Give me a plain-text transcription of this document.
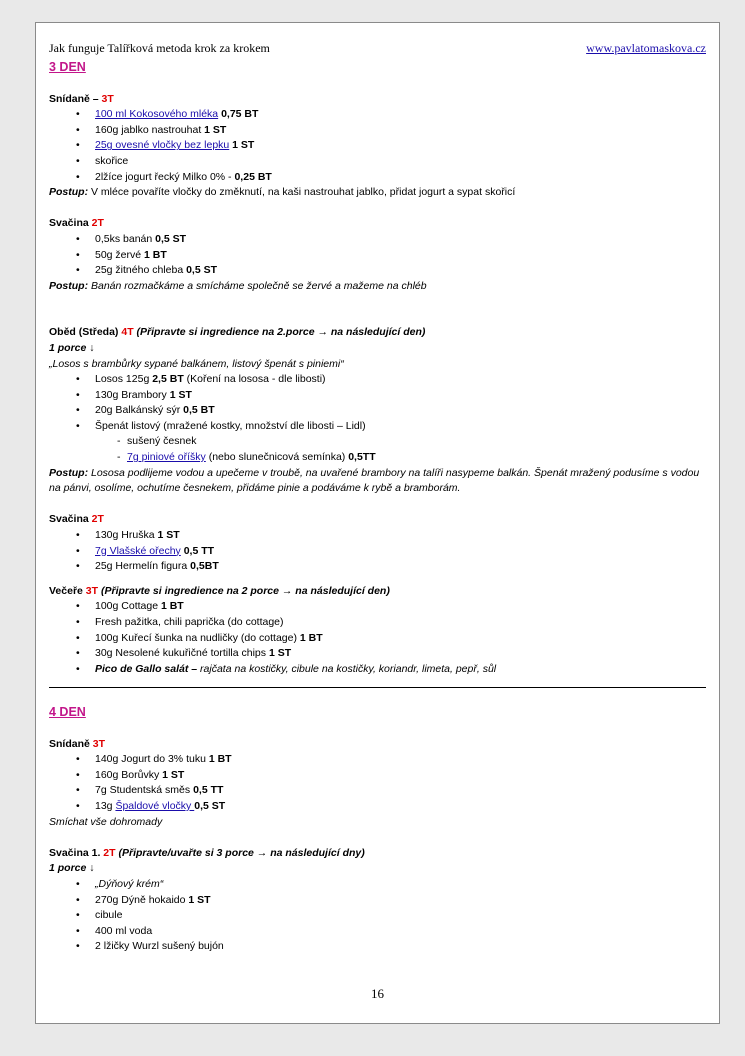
Jak funguje Talířková metoda krok za krokem	www.pavlatomaskova.cz
3 DEN
Snídaně – 3T
• 100 ml Kokosového mléka 0,75 BT
• 160g jablko nastrouhat 1 ST
• 25g ovesné vločky bez lepku 1 ST
• skořice
• 2lžíce jogurt řecký Milko 0% - 0,25 BT
Postup: V mléce povaříte vločky do změknutí, na kaši nastrouhat jablko, přidat jogurt a sypat skořicí
Svačina 2T
• 0,5ks banán 0,5 ST
• 50g žervé 1 BT
• 25g žitného chleba 0,5 ST
Postup: Banán rozmačkáme a smícháme společně se žervé a mažeme na chléb
Oběd (Středa) 4T (Připravte si ingredience na 2.porce → na následující den)
1 porce ↓
„Losos s brambůrky sypané balkánem, listový špenát s piniemi“
• Losos 125g 2,5 BT (Koření na lososa - dle libosti)
• 130g Brambory 1 ST
• 20g Balkánský sýr 0,5 BT
• Špenát listový (mražené kostky, množství dle libosti – Lidl)
- sušený česnek
- 7g piniové oříšky (nebo slunečnicová semínka) 0,5TT
Postup: Lososa podlijeme vodou a upečeme v troubě, na uvařené brambory na talíři nasypeme balkán. Špenát mražený podusíme s vodou na pánvi, osolíme, ochutíme česnekem, přidáme pinie a podáváme k rybě a bramborám.
Svačina 2T
• 130g Hruška 1 ST
• 7g Vlašské ořechy 0,5 TT
• 25g Hermelín figura 0,5BT
Večeře 3T (Připravte si ingredience na 2 porce → na následující den)
• 100g Cottage 1 BT
• Fresh pažitka, chili paprička (do cottage)
• 100g Kuřecí šunka na nudličky (do cottage) 1 BT
• 30g Nesolené kukuřičné tortilla chips 1 ST
• Pico de Gallo salát – rajčata na kostičky, cibule na kostičky, koriandr, limeta, pepř, sůl
4 DEN
Snídaně 3T
• 140g Jogurt do 3% tuku 1 BT
• 160g Borůvky 1 ST
• 7g Studentská směs 0,5 TT
• 13g Špaldové vločky 0,5 ST
Smíchat vše dohromady
Svačina 1. 2T (Připravte/uvařte si 3 porce → na následující dny)
1 porce ↓
• „Dýňový krém“
• 270g Dýně hokaido 1 ST
• cibule
• 400 ml voda
• 2 lžičky Wurzl sušený bujón
16
